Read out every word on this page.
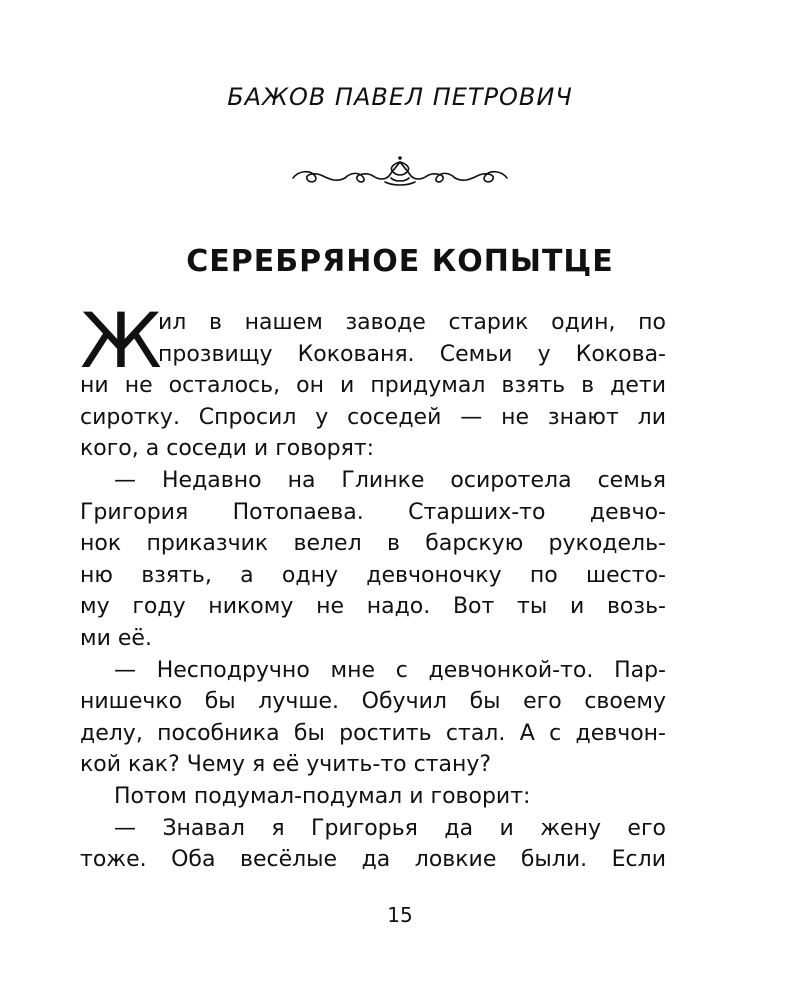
БАЖОВ ПАВЕЛ ПЕТРОВИЧ
СЕРЕБРЯНОЕ КОПЫТЦЕ
Ж
ил в нашем заводе старик один, по
прозвищу Кокованя. Семьи у Кокова-
ни не осталось, он и придумал взять в дети
сиротку. Спросил у соседей — не знают ли
кого, а соседи и говорят:
— Недавно на Глинке осиротела семья
Григория Потопаева. Старших-то девчо-
нок приказчик велел в барскую рукодель-
ню взять, а одну девчоночку по шесто-
му году никому не надо. Вот ты и возь-
ми её.
— Несподручно мне с девчонкой-то. Пар-
нишечко бы лучше. Обучил бы его своему
делу, пособника бы ростить стал. А с девчон-
кой как? Чему я её учить-то стану?
Потом подумал-подумал и говорит:
— Знавал я Григорья да и жену его
тоже. Оба весёлые да ловкие были. Если
15
